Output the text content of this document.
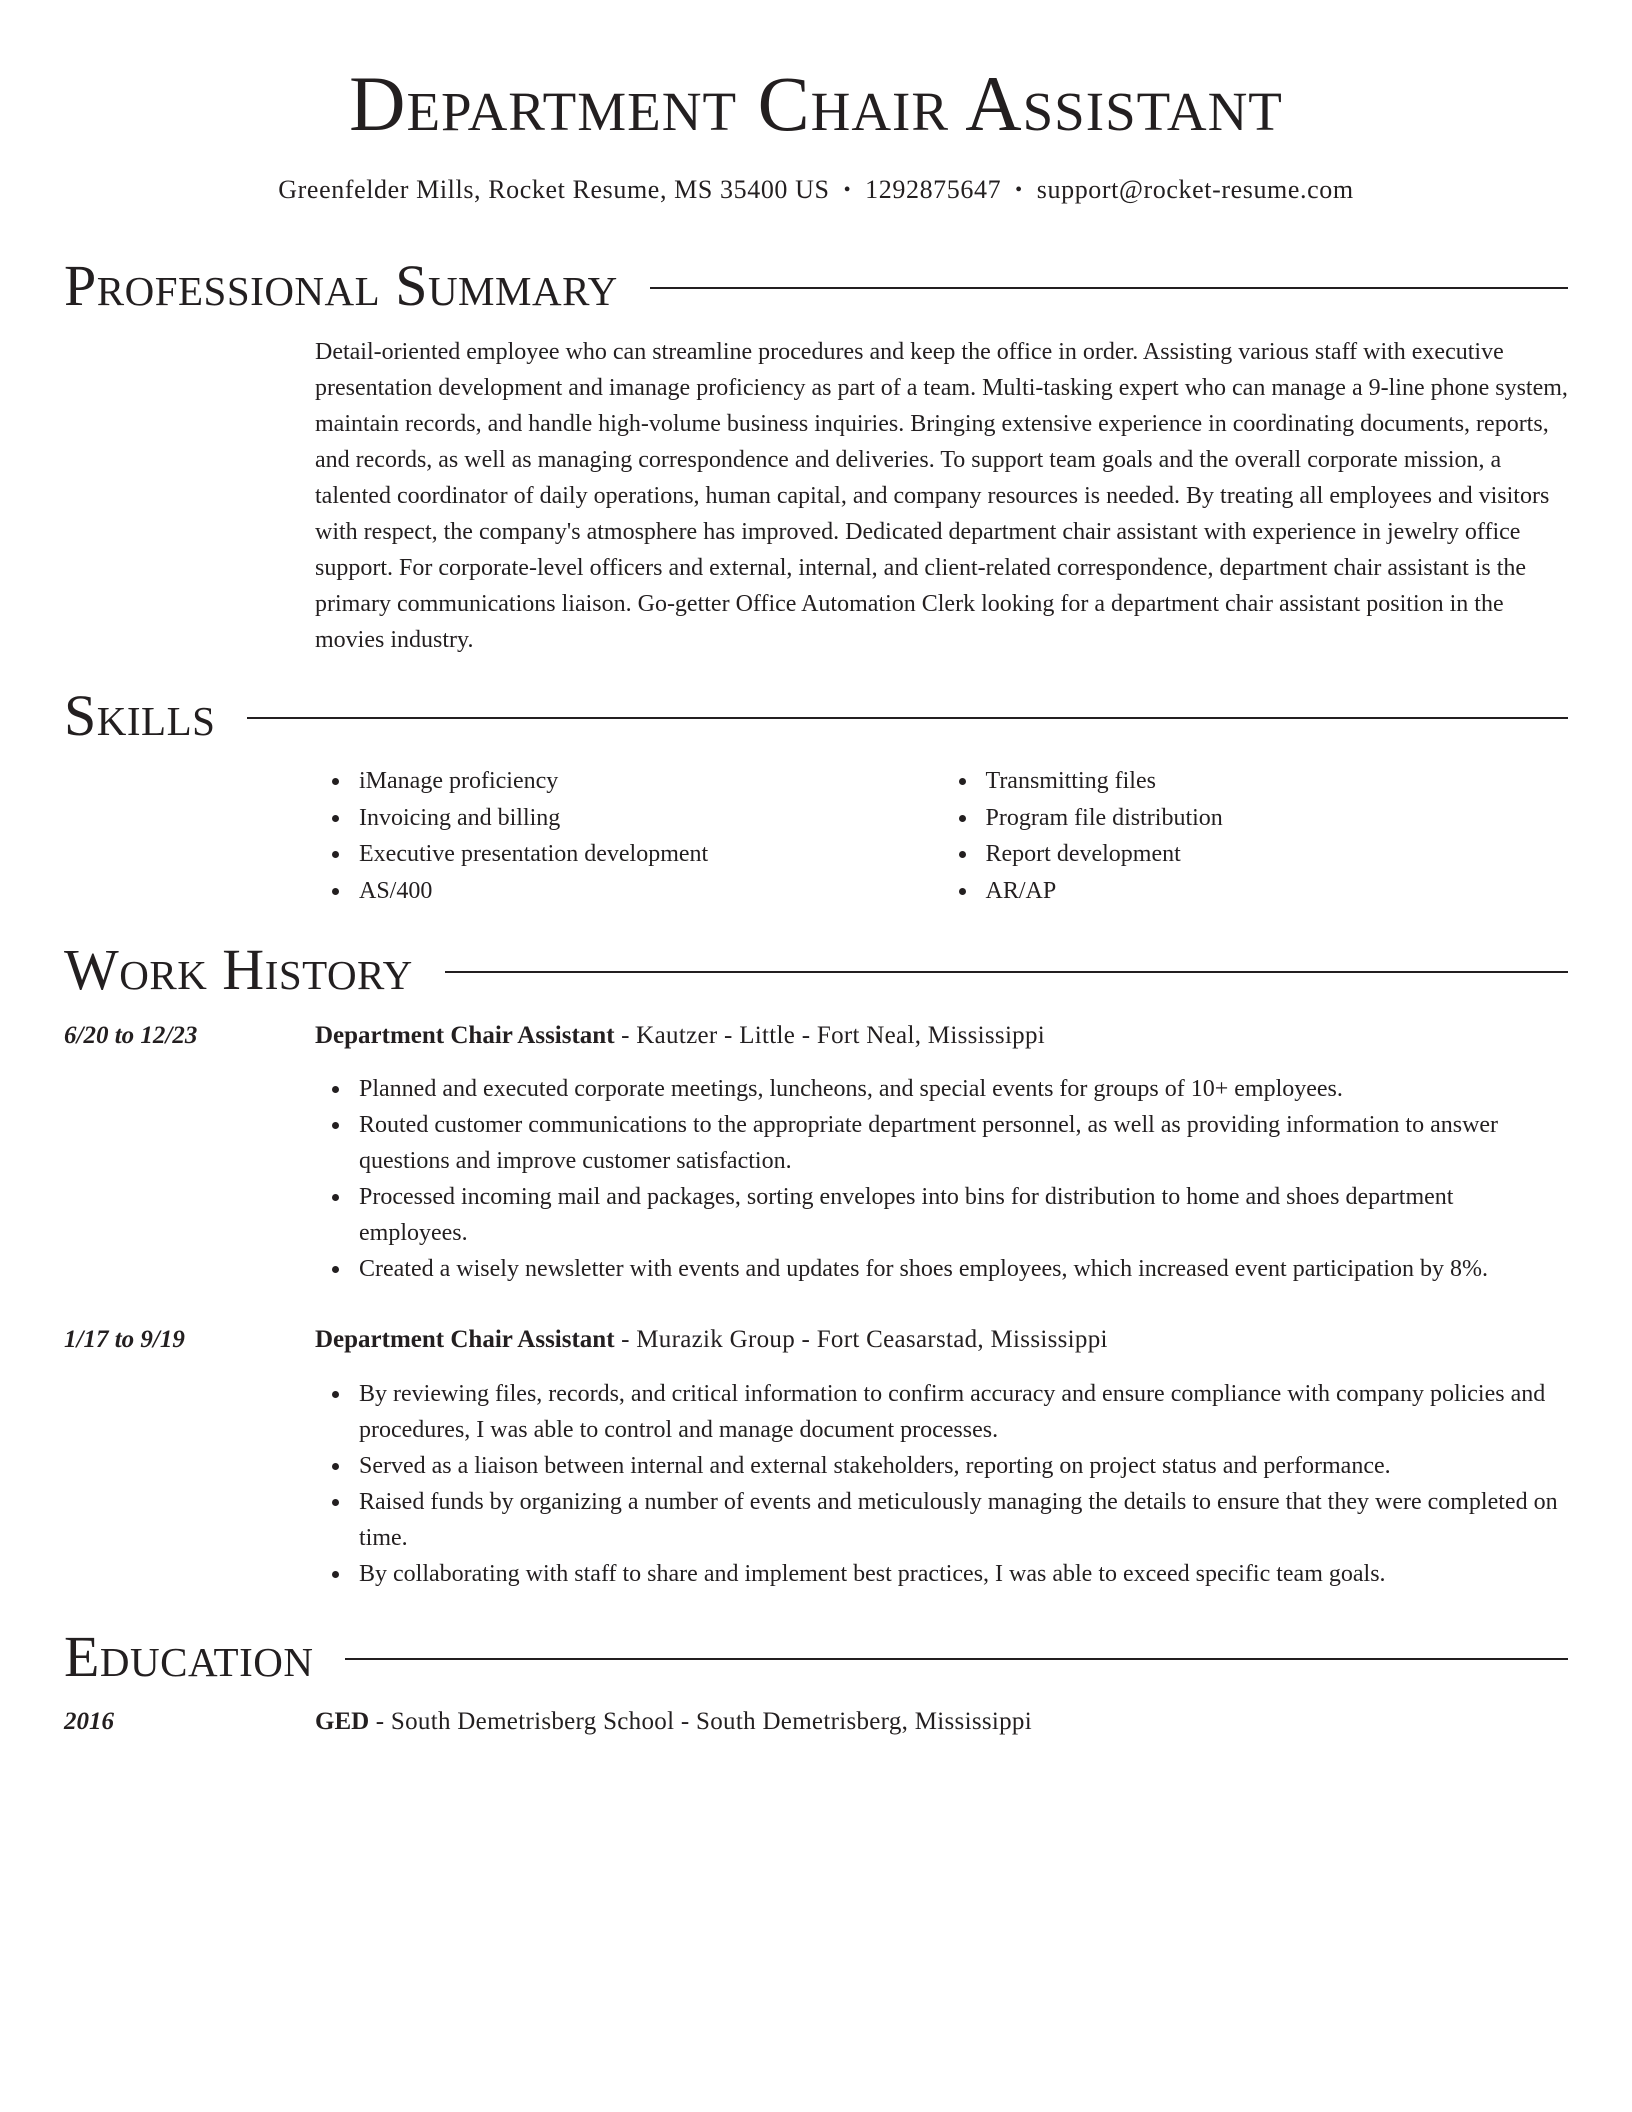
Department Chair Assistant
Greenfelder Mills, Rocket Resume, MS 35400 US • 1292875647 • support@rocket-resume.com
Professional Summary

Detail-oriented employee who can streamline procedures and keep the office in order. Assisting various staff with executive presentation development and imanage proficiency as part of a team. Multi-tasking expert who can manage a 9-line phone system, maintain records, and handle high-volume business inquiries. Bringing extensive experience in coordinating documents, reports, and records, as well as managing correspondence and deliveries. To support team goals and the overall corporate mission, a talented coordinator of daily operations, human capital, and company resources is needed. By treating all employees and visitors with respect, the company's atmosphere has improved. Dedicated department chair assistant with experience in jewelry office support. For corporate-level officers and external, internal, and client-related correspondence, department chair assistant is the primary communications liaison. Go-getter Office Automation Clerk looking for a department chair assistant position in the movies industry.

Skills
iManage proficiency
Invoicing and billing
Executive presentation development
AS/400
Transmitting files
Program file distribution
Report development
AR/AP
Work History
6/20 to 12/23	Department Chair Assistant - Kautzer - Little - Fort Neal, Mississippi
Planned and executed corporate meetings, luncheons, and special events for groups of 10+ employees.
Routed customer communications to the appropriate department personnel, as well as providing information to answer questions and improve customer satisfaction.
Processed incoming mail and packages, sorting envelopes into bins for distribution to home and shoes department employees.
Created a wisely newsletter with events and updates for shoes employees, which increased event participation by 8%.
1/17 to 9/19	Department Chair Assistant - Murazik Group - Fort Ceasarstad, Mississippi
By reviewing files, records, and critical information to confirm accuracy and ensure compliance with company policies and procedures, I was able to control and manage document processes.
Served as a liaison between internal and external stakeholders, reporting on project status and performance.
Raised funds by organizing a number of events and meticulously managing the details to ensure that they were completed on time.
By collaborating with staff to share and implement best practices, I was able to exceed specific team goals.
Education
2016	GED - South Demetrisberg School - South Demetrisberg, Mississippi
